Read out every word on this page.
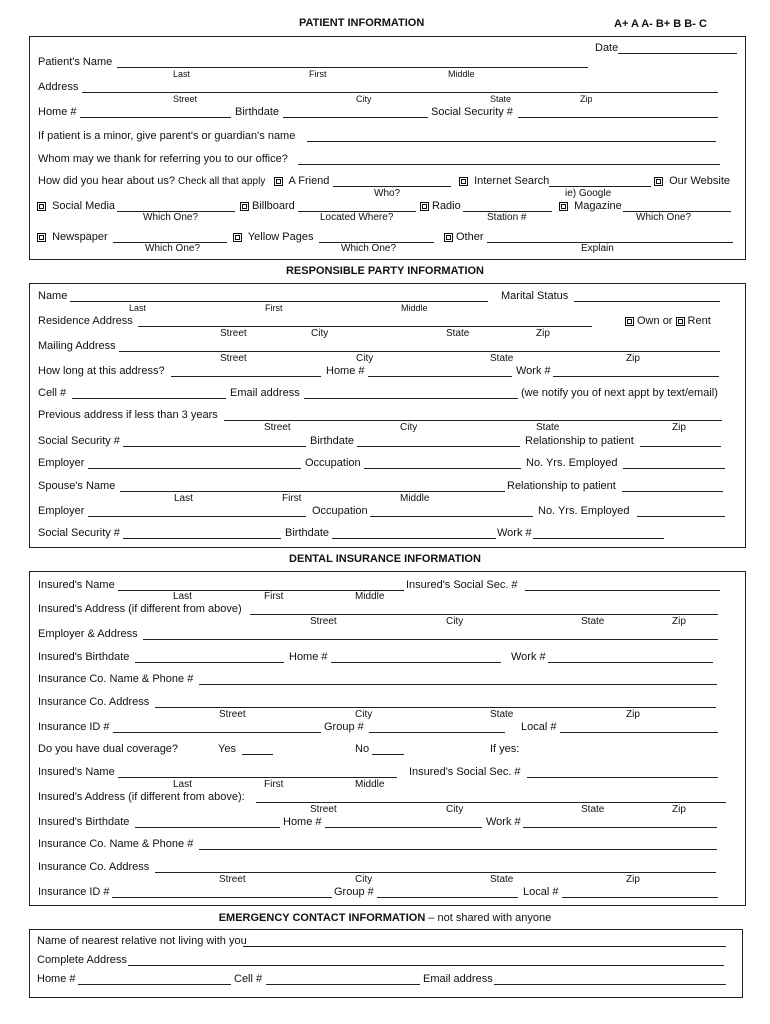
PATIENT INFORMATION	A+ A A- B+ B B- C
Date
Patient's Name
Last	First	Middle
Address
Street	City	State	Zip
Home #	Birthdate	Social Security #
If patient is a minor, give parent's or guardian's name
Whom may we thank for referring you to our office?
How did you hear about us? Check all that apply	A Friend
Who?
Internet Search
ie) Google
Our Website
Social Media
Which One?
Billboard
Located Where?
Radio
Station #
Magazine
Which One?
Newspaper
Which One?
Yellow Pages
Which One?
Other
Explain
RESPONSIBLE PARTY INFORMATION
Name
Last	First	Middle
Marital Status
Residence Address
Street	City	State	Zip
Own or Rent
Mailing Address
Street	City	State	Zip
How long at this address?	Home #	Work #
Cell #	Email address	(we notify you of next appt by text/email)
Previous address if less than 3 years
Street	City	State	Zip
Social Security #	Birthdate	Relationship to patient
Employer	Occupation	No. Yrs. Employed
Spouse's Name
Last	First	Middle
Relationship to patient
Employer	Occupation	No. Yrs. Employed
Social Security #	Birthdate	Work #
DENTAL INSURANCE INFORMATION
Insured's Name
Last	First	Middle
Insured's Social Sec. #
Insured's Address (if different from above)
Street	City	State	Zip
Employer & Address
Insured's Birthdate	Home #	Work #
Insurance Co. Name & Phone #
Insurance Co. Address
Street	City	State	Zip
Insurance ID #	Group #	Local #
Do you have dual coverage?	Yes	No	If yes:
Insured's Name
Last	First	Middle
Insured's Social Sec. #
Insured's Address (if different from above):
Street	City	State	Zip
Insured's Birthdate	Home #	Work #
Insurance Co. Name & Phone #
Insurance Co. Address
Street	City	State	Zip
Insurance ID #	Group #	Local #
EMERGENCY CONTACT INFORMATION – not shared with anyone
Name of nearest relative not living with you
Complete Address
Home #	Cell #	Email address
